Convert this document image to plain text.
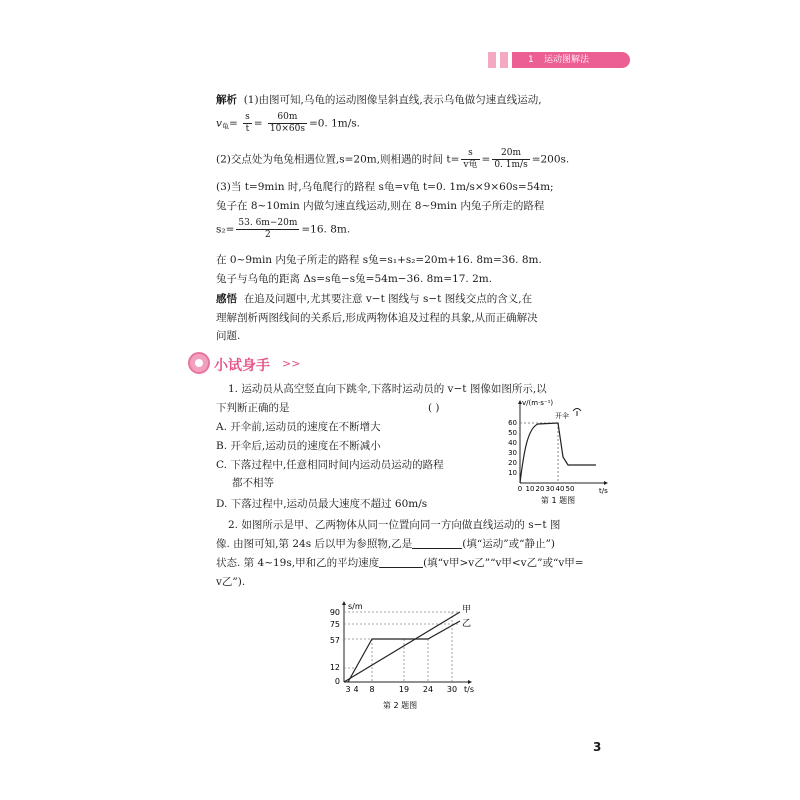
1 运动图解法
解析 (1)由图可知,乌龟的运动图像呈斜直线,表示乌龟做匀速直线运动,
$v_龟= \frac{s}{t} = \frac{60m}{10\times 60s} =0$. 1m/s.
(2)交点处为龟兔相遇位置,s=20m,则相遇的时间 $t= \frac{s}{\text{v龟}} = \frac{20m}{0. 1m/s} =200s$.
(3)当 t=9min 时,乌龟爬行的路程 s龟=v龟 t=0. 1m/s×9×60s=54m;
兔子在 8~10min 内做匀速直线运动,则在 8~9min 内兔子所走的路程
$s_2= \frac{53. 6m-20m}{2} =16$. 8m.
在 0~9min 内兔子所走的路程 s兔=s₁+s₂=20m+16. 8m=36. 8m.
兔子与乌龟的距离 Δs=s龟−s兔=54m−36. 8m=17. 2m.
感悟 在追及问题中,尤其要注意 v−t 图线与 s−t 图线交点的含义,在
理解剖析两图线间的关系后,形成两物体追及过程的具象,从而正确解决
问题.
小试身手 >>
1. 运动员从高空竖直向下跳伞,下落时运动员的 v−t 图像如图所示,以
下判断正确的是	( )
A. 开伞前,运动员的速度在不断增大
B. 开伞后,运动员的速度在不断减小
C. 下落过程中,任意相同时间内运动员运动的路程
都不相等
D. 下落过程中,运动员最大速度不超过 60m/s
v/(m·s⁻¹)
t/s
60
50
40
30
20
10
0 10 20 30 40 50
开伞
第 1 题图
2. 如图所示是甲、乙两物体从同一位置向同一方向做直线运动的 s−t 图
像. 由图可知,第 24s 后以甲为参照物,乙是	(填“运动”或“静止”)
状态. 第 4~19s,甲和乙的平均速度	(填“v甲>v乙”“v甲<v乙”或“v甲=
v乙”).
s/m
t/s
90
75
57
12
0
3 4 8	19 24 30
甲
乙
第 2 题图
3
